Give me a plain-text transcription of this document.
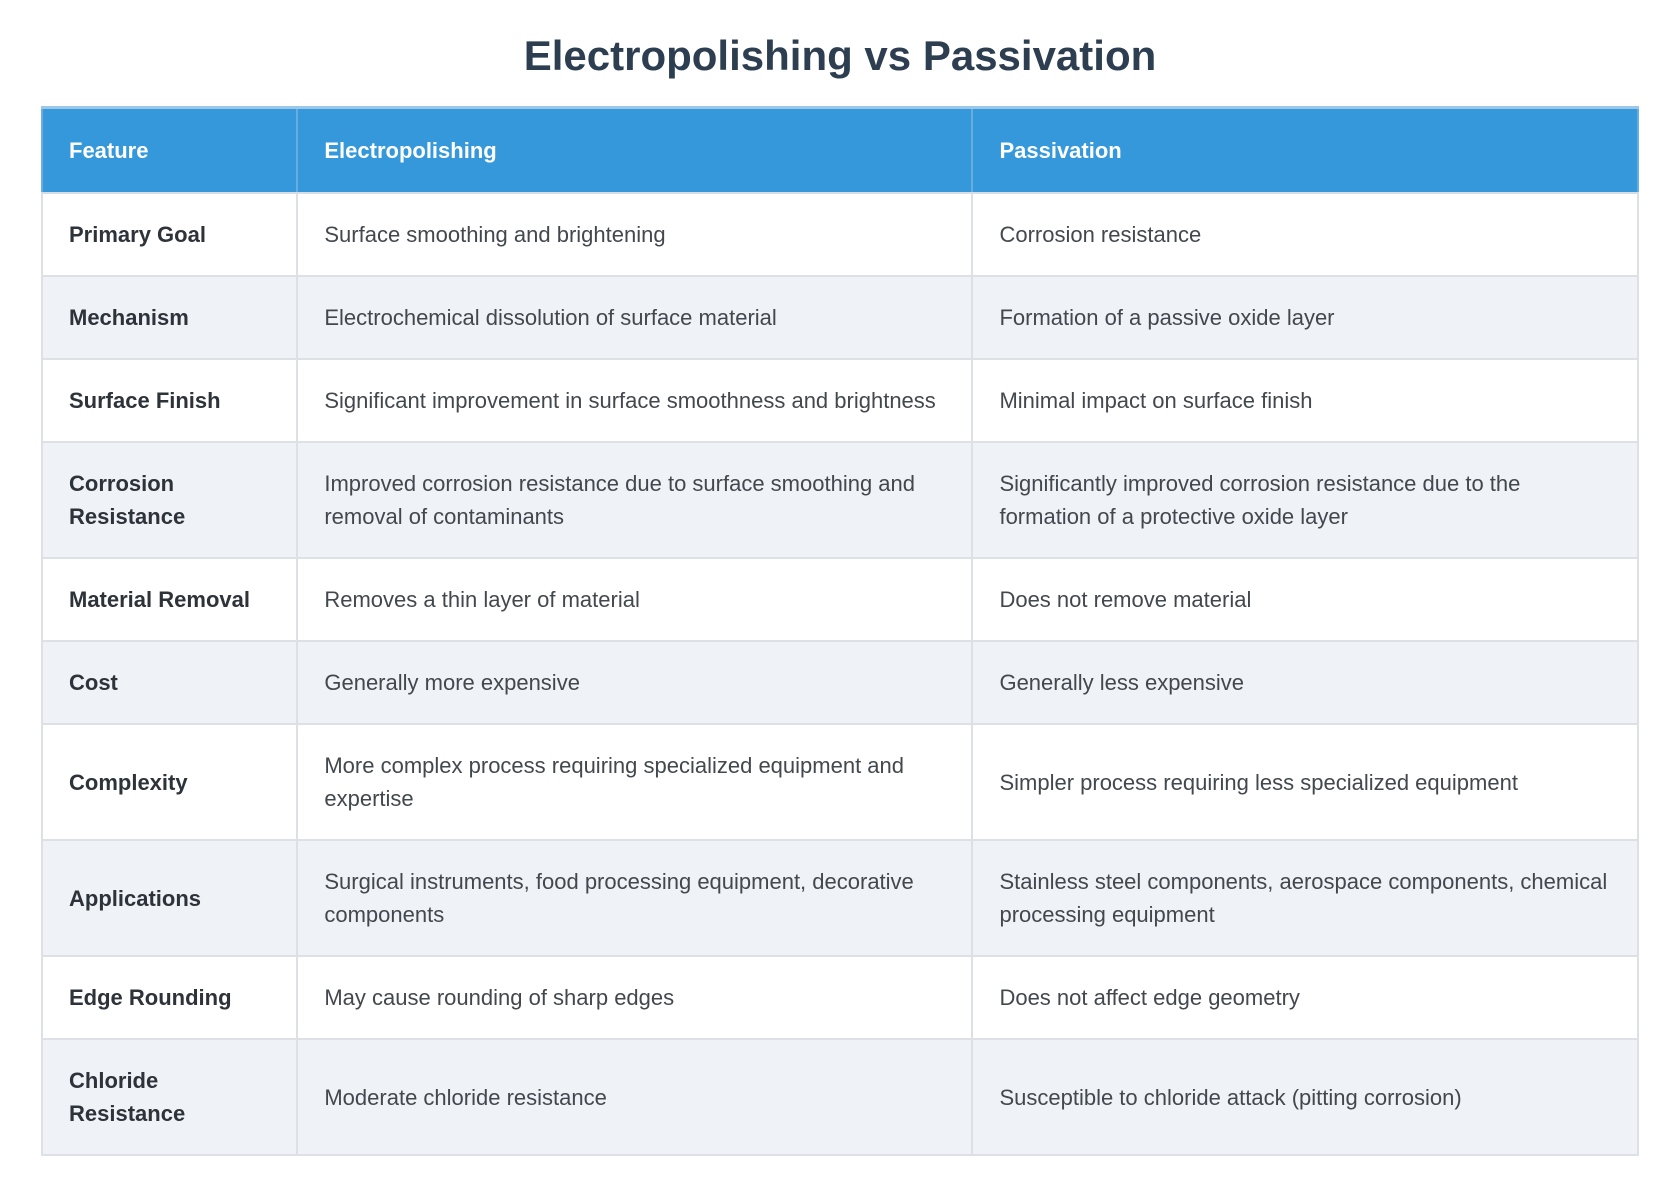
Electropolishing vs Passivation
Feature	Electropolishing	Passivation
Primary Goal	Surface smoothing and brightening	Corrosion resistance
Mechanism	Electrochemical dissolution of surface material	Formation of a passive oxide layer
Surface Finish	Significant improvement in surface smoothness and brightness	Minimal impact on surface finish
Corrosion Resistance	Improved corrosion resistance due to surface smoothing and removal of contaminants	Significantly improved corrosion resistance due to the formation of a protective oxide layer
Material Removal	Removes a thin layer of material	Does not remove material
Cost	Generally more expensive	Generally less expensive
Complexity	More complex process requiring specialized equipment and expertise	Simpler process requiring less specialized equipment
Applications	Surgical instruments, food processing equipment, decorative components	Stainless steel components, aerospace components, chemical processing equipment
Edge Rounding	May cause rounding of sharp edges	Does not affect edge geometry
Chloride Resistance	Moderate chloride resistance	Susceptible to chloride attack (pitting corrosion)
